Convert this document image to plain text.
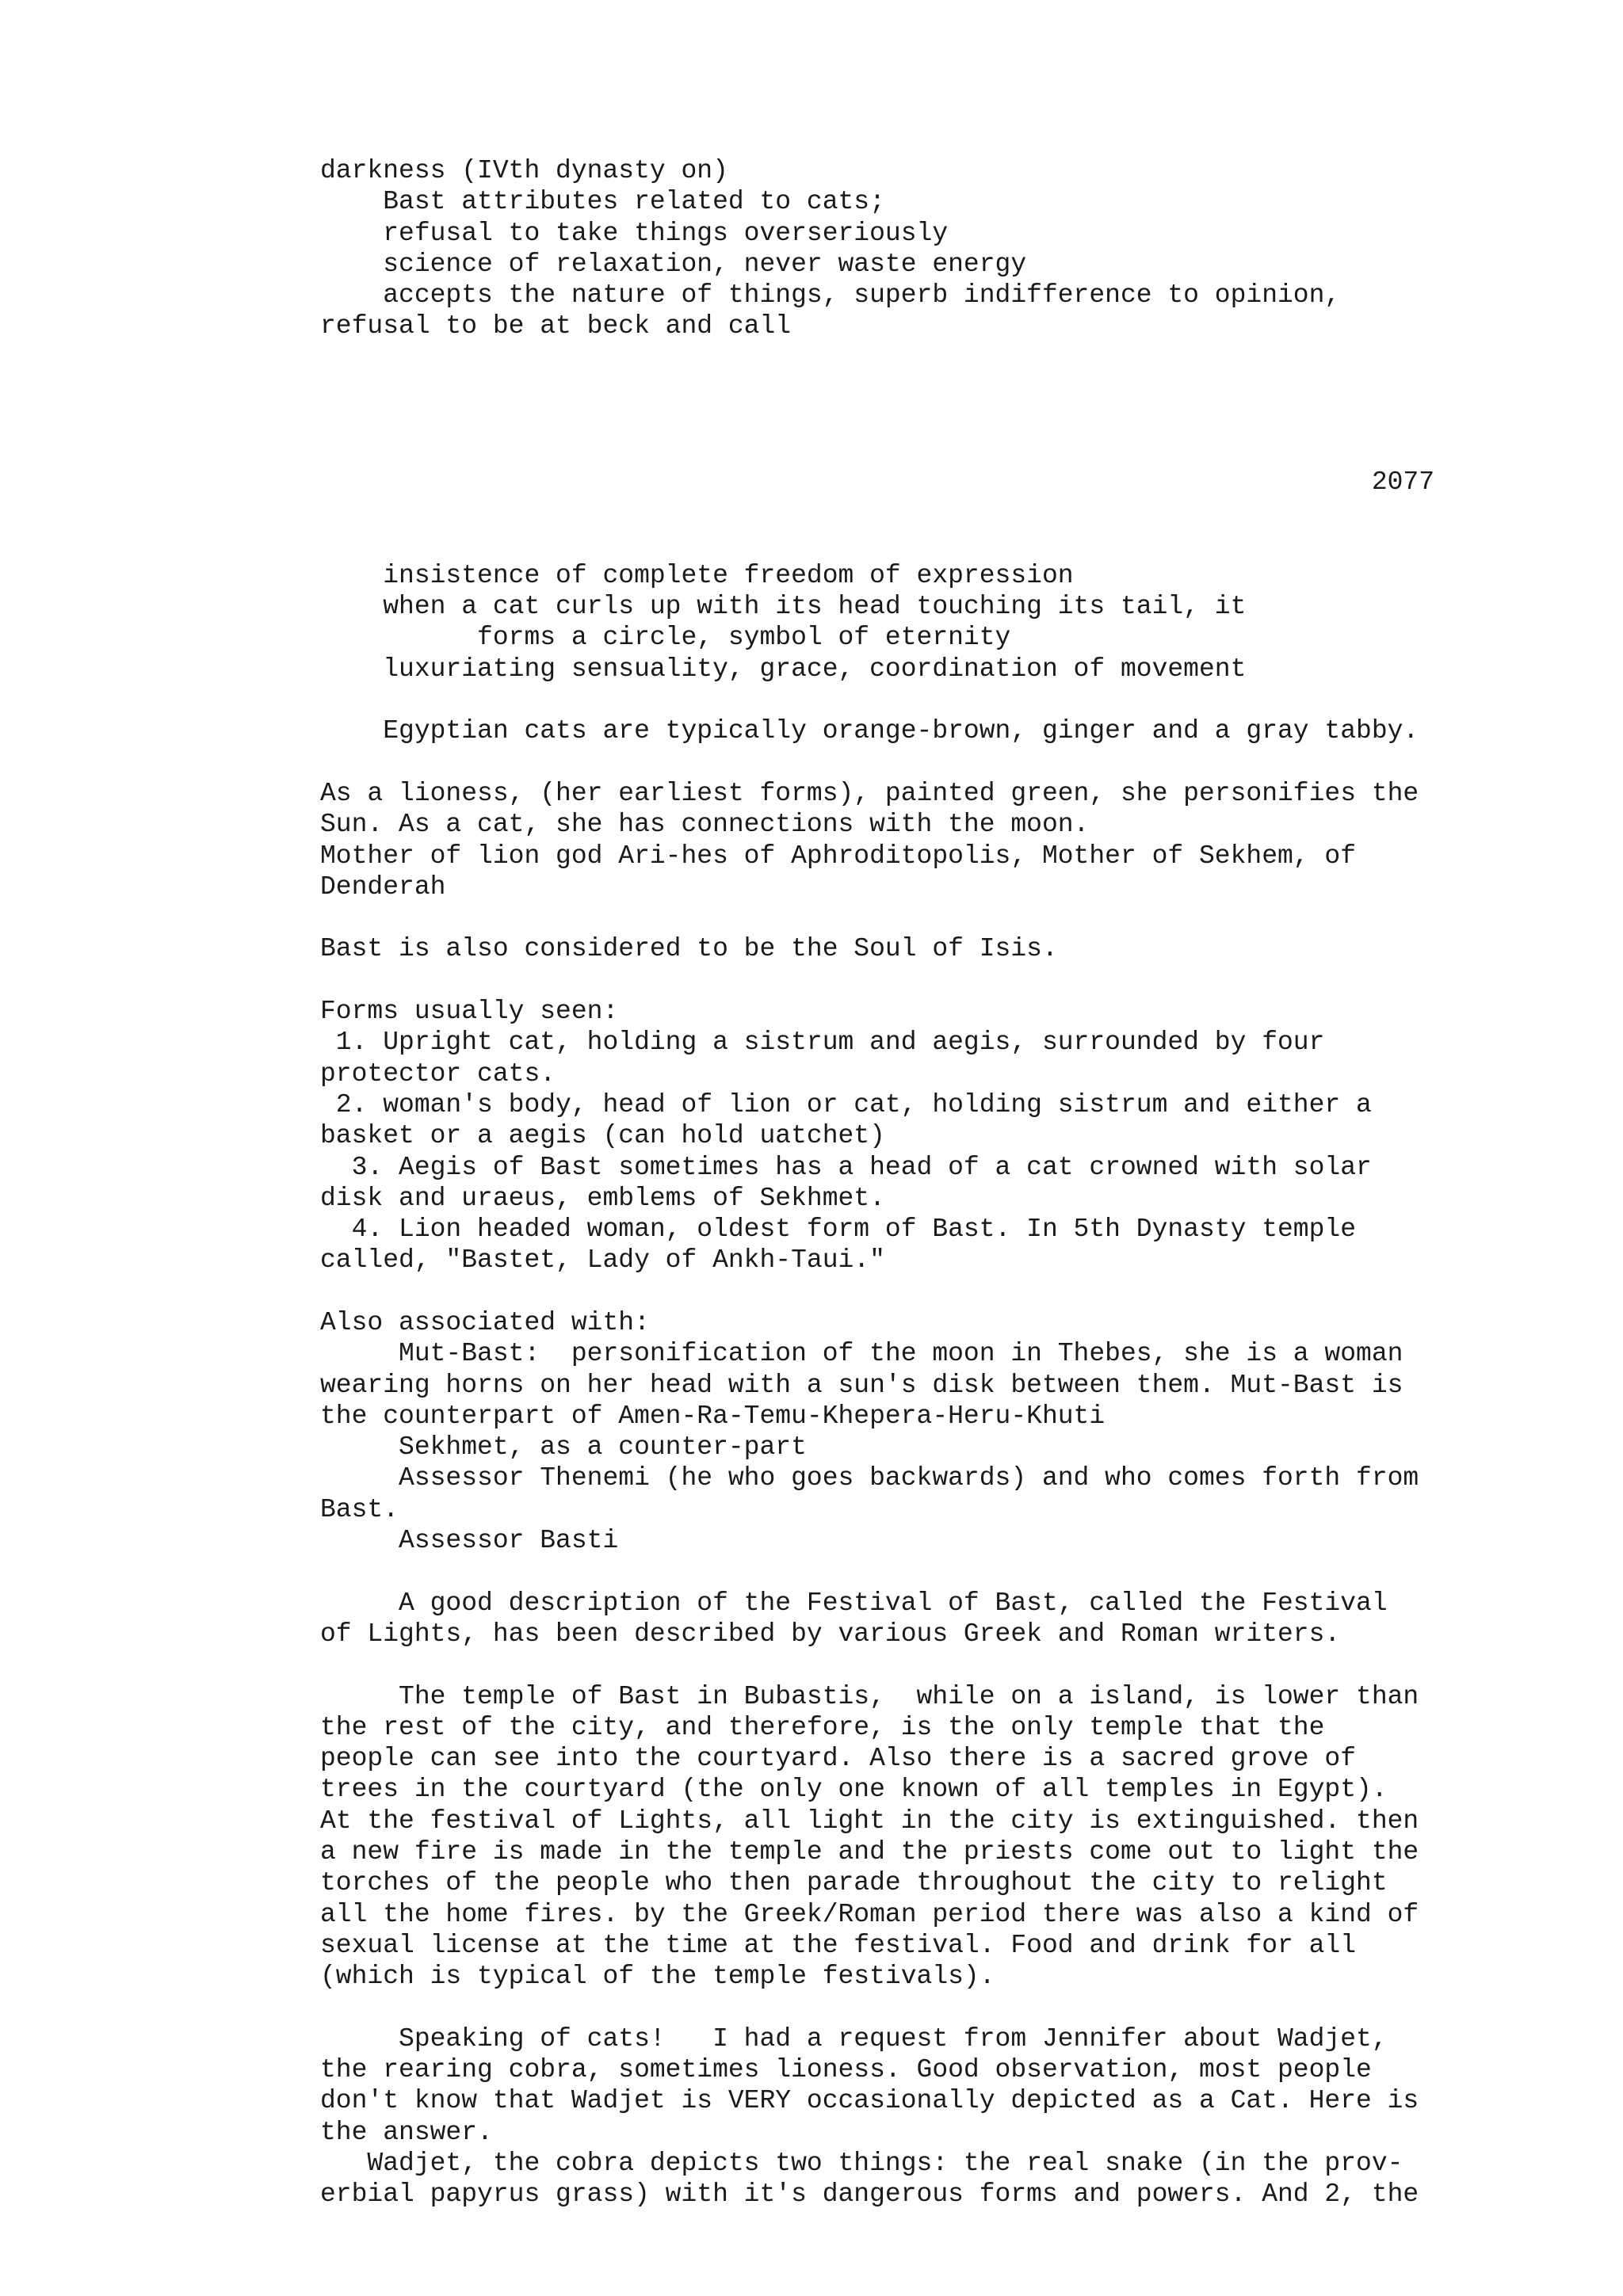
darkness (IVth dynasty on)
Bast attributes related to cats;
refusal to take things overseriously
science of relaxation, never waste energy
accepts the nature of things, superb indifference to opinion,
refusal to be at beck and call
2077
insistence of complete freedom of expression
when a cat curls up with its head touching its tail, it
forms a circle, symbol of eternity
luxuriating sensuality, grace, coordination of movement
Egyptian cats are typically orange-brown, ginger and a gray tabby.
As a lioness, (her earliest forms), painted green, she personifies the
Sun. As a cat, she has connections with the moon.
Mother of lion god Ari-hes of Aphroditopolis, Mother of Sekhem, of
Denderah
Bast is also considered to be the Soul of Isis.
Forms usually seen:
1. Upright cat, holding a sistrum and aegis, surrounded by four
protector cats.
2. woman's body, head of lion or cat, holding sistrum and either a
basket or a aegis (can hold uatchet)
3. Aegis of Bast sometimes has a head of a cat crowned with solar
disk and uraeus, emblems of Sekhmet.
4. Lion headed woman, oldest form of Bast. In 5th Dynasty temple
called, "Bastet, Lady of Ankh-Taui."
Also associated with:
Mut-Bast:  personification of the moon in Thebes, she is a woman
wearing horns on her head with a sun's disk between them. Mut-Bast is
the counterpart of Amen-Ra-Temu-Khepera-Heru-Khuti
Sekhmet, as a counter-part
Assessor Thenemi (he who goes backwards) and who comes forth from
Bast.
Assessor Basti
A good description of the Festival of Bast, called the Festival
of Lights, has been described by various Greek and Roman writers.
The temple of Bast in Bubastis,  while on a island, is lower than
the rest of the city, and therefore, is the only temple that the
people can see into the courtyard. Also there is a sacred grove of
trees in the courtyard (the only one known of all temples in Egypt).
At the festival of Lights, all light in the city is extinguished. then
a new fire is made in the temple and the priests come out to light the
torches of the people who then parade throughout the city to relight
all the home fires. by the Greek/Roman period there was also a kind of
sexual license at the time at the festival. Food and drink for all
(which is typical of the temple festivals).
Speaking of cats!   I had a request from Jennifer about Wadjet,
the rearing cobra, sometimes lioness. Good observation, most people
don't know that Wadjet is VERY occasionally depicted as a Cat. Here is
the answer.
Wadjet, the cobra depicts two things: the real snake (in the prov-
erbial papyrus grass) with it's dangerous forms and powers. And 2, the
